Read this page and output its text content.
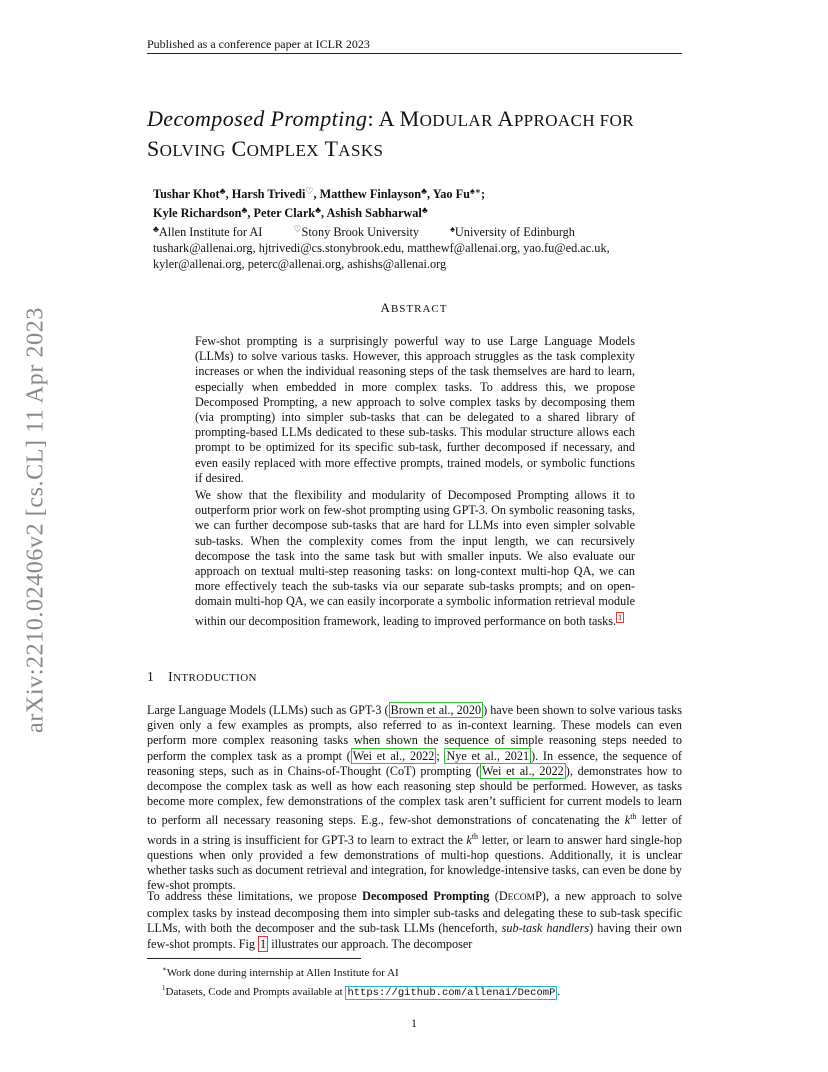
Published as a conference paper at ICLR 2023
arXiv:2210.02406v2 [cs.CL] 11 Apr 2023
Decomposed Prompting: A MODULAR APPROACH FOR
SOLVING COMPLEX TASKS
Tushar Khot♣, Harsh Trivedi♡, Matthew Finlayson♣, Yao Fu♠∗;
Kyle Richardson♣, Peter Clark♣, Ashish Sabharwal♣
♣Allen Institute for AI	♡Stony Brook University	♠University of Edinburgh
tushark@allenai.org, hjtrivedi@cs.stonybrook.edu, matthewf@allenai.org, yao.fu@ed.ac.uk,
kyler@allenai.org, peterc@allenai.org, ashishs@allenai.org
ABSTRACT

Few-shot prompting is a surprisingly powerful way to use Large Language Models (LLMs) to solve various tasks. However, this approach struggles as the task complexity increases or when the individual reasoning steps of the task themselves are hard to learn, especially when embedded in more complex tasks. To address this, we propose Decomposed Prompting, a new approach to solve complex tasks by decomposing them (via prompting) into simpler sub-tasks that can be delegated to a shared library of prompting-based LLMs dedicated to these sub-tasks. This modular structure allows each prompt to be optimized for its specific sub-task, further decomposed if necessary, and even easily replaced with more effective prompts, trained models, or symbolic functions if desired.

We show that the flexibility and modularity of Decomposed Prompting allows it to outperform prior work on few-shot prompting using GPT-3. On symbolic reasoning tasks, we can further decompose sub-tasks that are hard for LLMs into even simpler solvable sub-tasks. When the complexity comes from the input length, we can recursively decompose the task into the same task but with smaller inputs. We also evaluate our approach on textual multi-step reasoning tasks: on long-context multi-hop QA, we can more effectively teach the sub-tasks via our separate sub-tasks prompts; and on open-domain multi-hop QA, we can easily incorporate a symbolic information retrieval module within our decomposition framework, leading to improved performance on both tasks. $^1$

1 INTRODUCTION

Large Language Models (LLMs) such as GPT-3 ( Brown et al., 2020 ) have been shown to solve various tasks given only a few examples as prompts, also referred to as in-context learning. These models can even perform more complex reasoning tasks when shown the sequence of simple reasoning steps needed to perform the complex task as a prompt ( Wei et al., 2022 ; Nye et al., 2021 ). In essence, the sequence of reasoning steps, such as in Chains-of-Thought (CoT) prompting ( Wei et al., 2022 ), demonstrates how to decompose the complex task as well as how each reasoning step should be performed. However, as tasks become more complex, few demonstrations of the complex task aren’t sufficient for current models to learn to perform all necessary reasoning steps. E.g., few-shot demonstrations of concatenating the $k^{th}$ letter of words in a string is insufficient for GPT-3 to learn to extract the $k^{th}$ letter, or learn to answer hard single-hop questions when only provided a few demonstrations of multi-hop questions. Additionally, it is unclear whether tasks such as document retrieval and integration, for knowledge-intensive tasks, can even be done by few-shot prompts.

To address these limitations, we propose Decomposed Prompting (DECOMP), a new approach to solve complex tasks by instead decomposing them into simpler sub-tasks and delegating these to sub-task specific LLMs, with both the decomposer and the sub-task LLMs (henceforth, sub-task handlers) having their own few-shot prompts. Fig 1 illustrates our approach. The decomposer

∗Work done during internship at Allen Institute for AI
$^1$Datasets, Code and Prompts available at https://github.com/allenai/DecomP .
1
